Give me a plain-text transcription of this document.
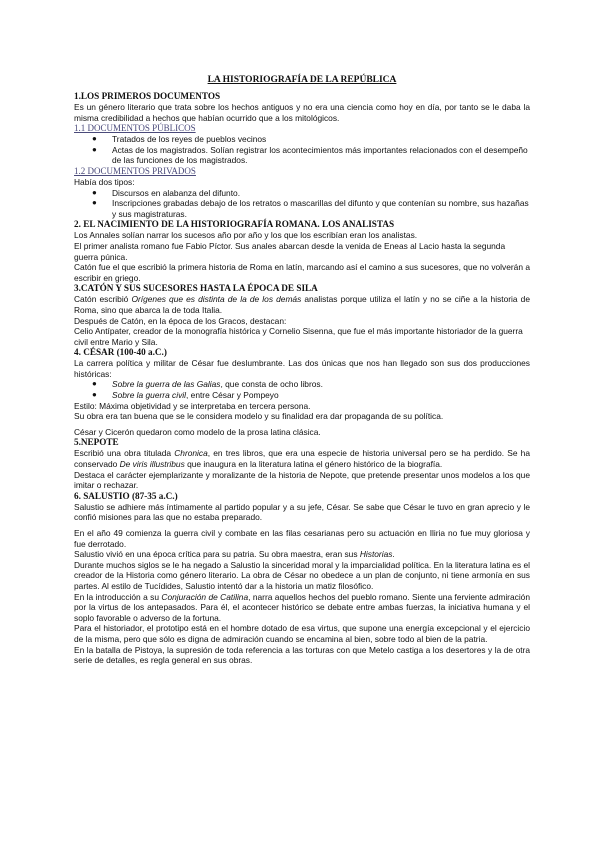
LA HISTORIOGRAFÍA DE LA REPÚBLICA
1.LOS PRIMEROS DOCUMENTOS

Es un género literario que trata sobre los hechos antiguos y no era una ciencia como hoy en día, por tanto se le daba la misma credibilidad a hechos que habían ocurrido que a los mitológicos.

1.1 DOCUMENTOS PÚBLICOS
● Tratados de los reyes de pueblos vecinos
● Actas de los magistrados. Solían registrar los acontecimientos más importantes relacionados con el desempeño de las funciones de los magistrados.
1.2 DOCUMENTOS PRIVADOS

Había dos tipos:

● Discursos en alabanza del difunto.
● Inscripciones grabadas debajo de los retratos o mascarillas del difunto y que contenían su nombre, sus hazañas y sus magistraturas.
2. EL NACIMIENTO DE LA HISTORIOGRAFÍA ROMANA. LOS ANALISTAS

Los Annales solían narrar los sucesos año por año y los que los escribían eran los analistas.

El primer analista romano fue Fabio Píctor. Sus anales abarcan desde la venida de Eneas al Lacio hasta la segunda guerra púnica.

Catón fue el que escribió la primera historia de Roma en latín, marcando así el camino a sus sucesores, que no volverán a escribir en griego.

3.CATÓN Y SUS SUCESORES HASTA LA ÉPOCA DE SILA

Catón escribió Orígenes que es distinta de la de los demás analistas porque utiliza el latín y no se ciñe a la historia de Roma, sino que abarca la de toda Italia.

Después de Catón, en la época de los Gracos, destacan:

Celio Antípater, creador de la monografía histórica y Cornelio Sisenna, que fue el más importante historiador de la guerra civil entre Mario y Sila.

4. CÉSAR (100-40 a.C.)

La carrera política y militar de César fue deslumbrante. Las dos únicas que nos han llegado son sus dos producciones históricas:

● Sobre la guerra de las Galias, que consta de ocho libros.
● Sobre la guerra civil, entre César y Pompeyo

Estilo: Máxima objetividad y se interpretaba en tercera persona.

Su obra era tan buena que se le considera modelo y su finalidad era dar propaganda de su política.

César y Cicerón quedaron como modelo de la prosa latina clásica.

5.NEPOTE

Escribió una obra titulada Chronica, en tres libros, que era una especie de historia universal pero se ha perdido. Se ha conservado De viris illustribus que inaugura en la literatura latina el género histórico de la biografía.

Destaca el carácter ejemplarizante y moralizante de la historia de Nepote, que pretende presentar unos modelos a los que imitar o rechazar.

6. SALUSTIO (87-35 a.C.)

Salustio se adhiere más íntimamente al partido popular y a su jefe, César. Se sabe que César le tuvo en gran aprecio y le confió misiones para las que no estaba preparado.

En el año 49 comienza la guerra civil y combate en las filas cesarianas pero su actuación en Iliria no fue muy gloriosa y fue derrotado.

Salustio vivió en una época crítica para su patria. Su obra maestra, eran sus Historias.

Durante muchos siglos se le ha negado a Salustio la sinceridad moral y la imparcialidad política. En la literatura latina es el creador de la Historia como género literario. La obra de César no obedece a un plan de conjunto, ni tiene armonía en sus partes. Al estilo de Tucídides, Salustio intentó dar a la historia un matiz filosófico.

En la introducción a su Conjuración de Catilina, narra aquellos hechos del pueblo romano. Siente una ferviente admiración por la virtus de los antepasados. Para él, el acontecer histórico se debate entre ambas fuerzas, la iniciativa humana y el soplo favorable o adverso de la fortuna.

Para el historiador, el prototipo está en el hombre dotado de esa virtus, que supone una energía excepcional y el ejercicio de la misma, pero que sólo es digna de admiración cuando se encamina al bien, sobre todo al bien de la patria.

En la batalla de Pistoya, la supresión de toda referencia a las torturas con que Metelo castiga a los desertores y la de otra serie de detalles, es regla general en sus obras.
